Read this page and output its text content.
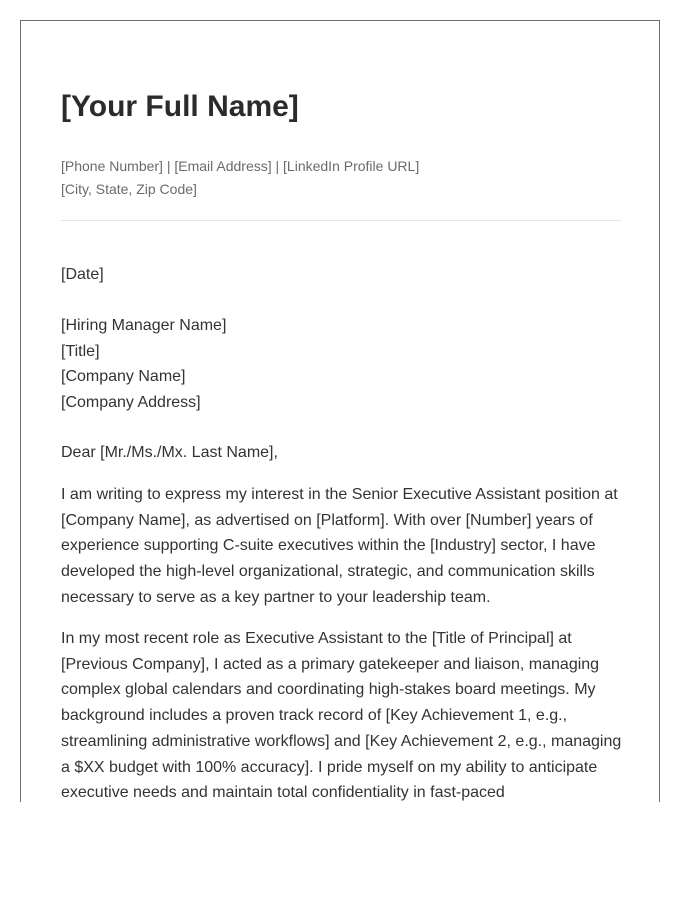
[Your Full Name]
[Phone Number] | [Email Address] | [LinkedIn Profile URL]
[City, State, Zip Code]
[Date]
[Hiring Manager Name]
[Title]
[Company Name]
[Company Address]
Dear [Mr./Ms./Mx. Last Name],

I am writing to express my interest in the Senior Executive Assistant position at [Company Name], as advertised on [Platform]. With over [Number] years of experience supporting C-suite executives within the [Industry] sector, I have developed the high-level organizational, strategic, and communication skills necessary to serve as a key partner to your leadership team.

In my most recent role as Executive Assistant to the [Title of Principal] at [Previous Company], I acted as a primary gatekeeper and liaison, managing complex global calendars and coordinating high-stakes board meetings. My background includes a proven track record of [Key Achievement 1, e.g., streamlining administrative workflows] and [Key Achievement 2, e.g., managing a $XX budget with 100% accuracy]. I pride myself on my ability to anticipate executive needs and maintain total confidentiality in fast-paced
